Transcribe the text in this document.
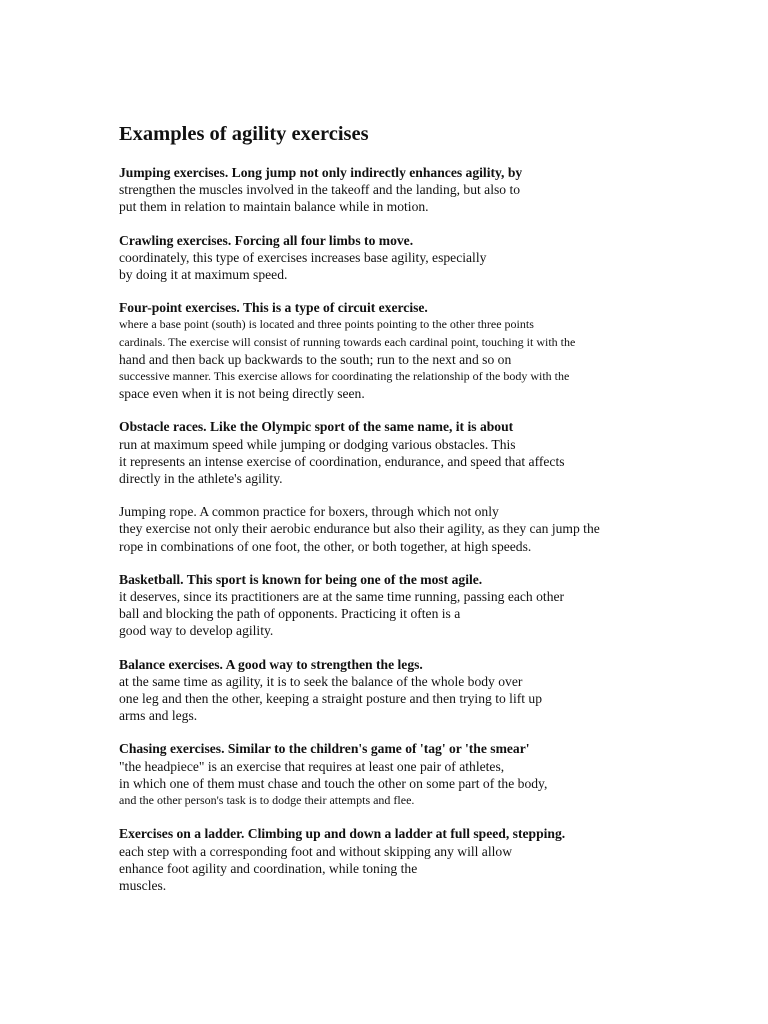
Examples of agility exercises
Jumping exercises. Long jump not only indirectly enhances agility, by
strengthen the muscles involved in the takeoff and the landing, but also to
put them in relation to maintain balance while in motion.
Crawling exercises. Forcing all four limbs to move.
coordinately, this type of exercises increases base agility, especially
by doing it at maximum speed.
Four-point exercises. This is a type of circuit exercise.
where a base point (south) is located and three points pointing to the other three points
cardinals. The exercise will consist of running towards each cardinal point, touching it with the
hand and then back up backwards to the south; run to the next and so on
successive manner. This exercise allows for coordinating the relationship of the body with the
space even when it is not being directly seen.
Obstacle races. Like the Olympic sport of the same name, it is about
run at maximum speed while jumping or dodging various obstacles. This
it represents an intense exercise of coordination, endurance, and speed that affects
directly in the athlete's agility.
Jumping rope. A common practice for boxers, through which not only
they exercise not only their aerobic endurance but also their agility, as they can jump the
rope in combinations of one foot, the other, or both together, at high speeds.
Basketball. This sport is known for being one of the most agile.
it deserves, since its practitioners are at the same time running, passing each other
ball and blocking the path of opponents. Practicing it often is a
good way to develop agility.
Balance exercises. A good way to strengthen the legs.
at the same time as agility, it is to seek the balance of the whole body over
one leg and then the other, keeping a straight posture and then trying to lift up
arms and legs.
Chasing exercises. Similar to the children's game of 'tag' or 'the smear'
"the headpiece" is an exercise that requires at least one pair of athletes,
in which one of them must chase and touch the other on some part of the body,
and the other person's task is to dodge their attempts and flee.
Exercises on a ladder. Climbing up and down a ladder at full speed, stepping.
each step with a corresponding foot and without skipping any will allow
enhance foot agility and coordination, while toning the
muscles.
